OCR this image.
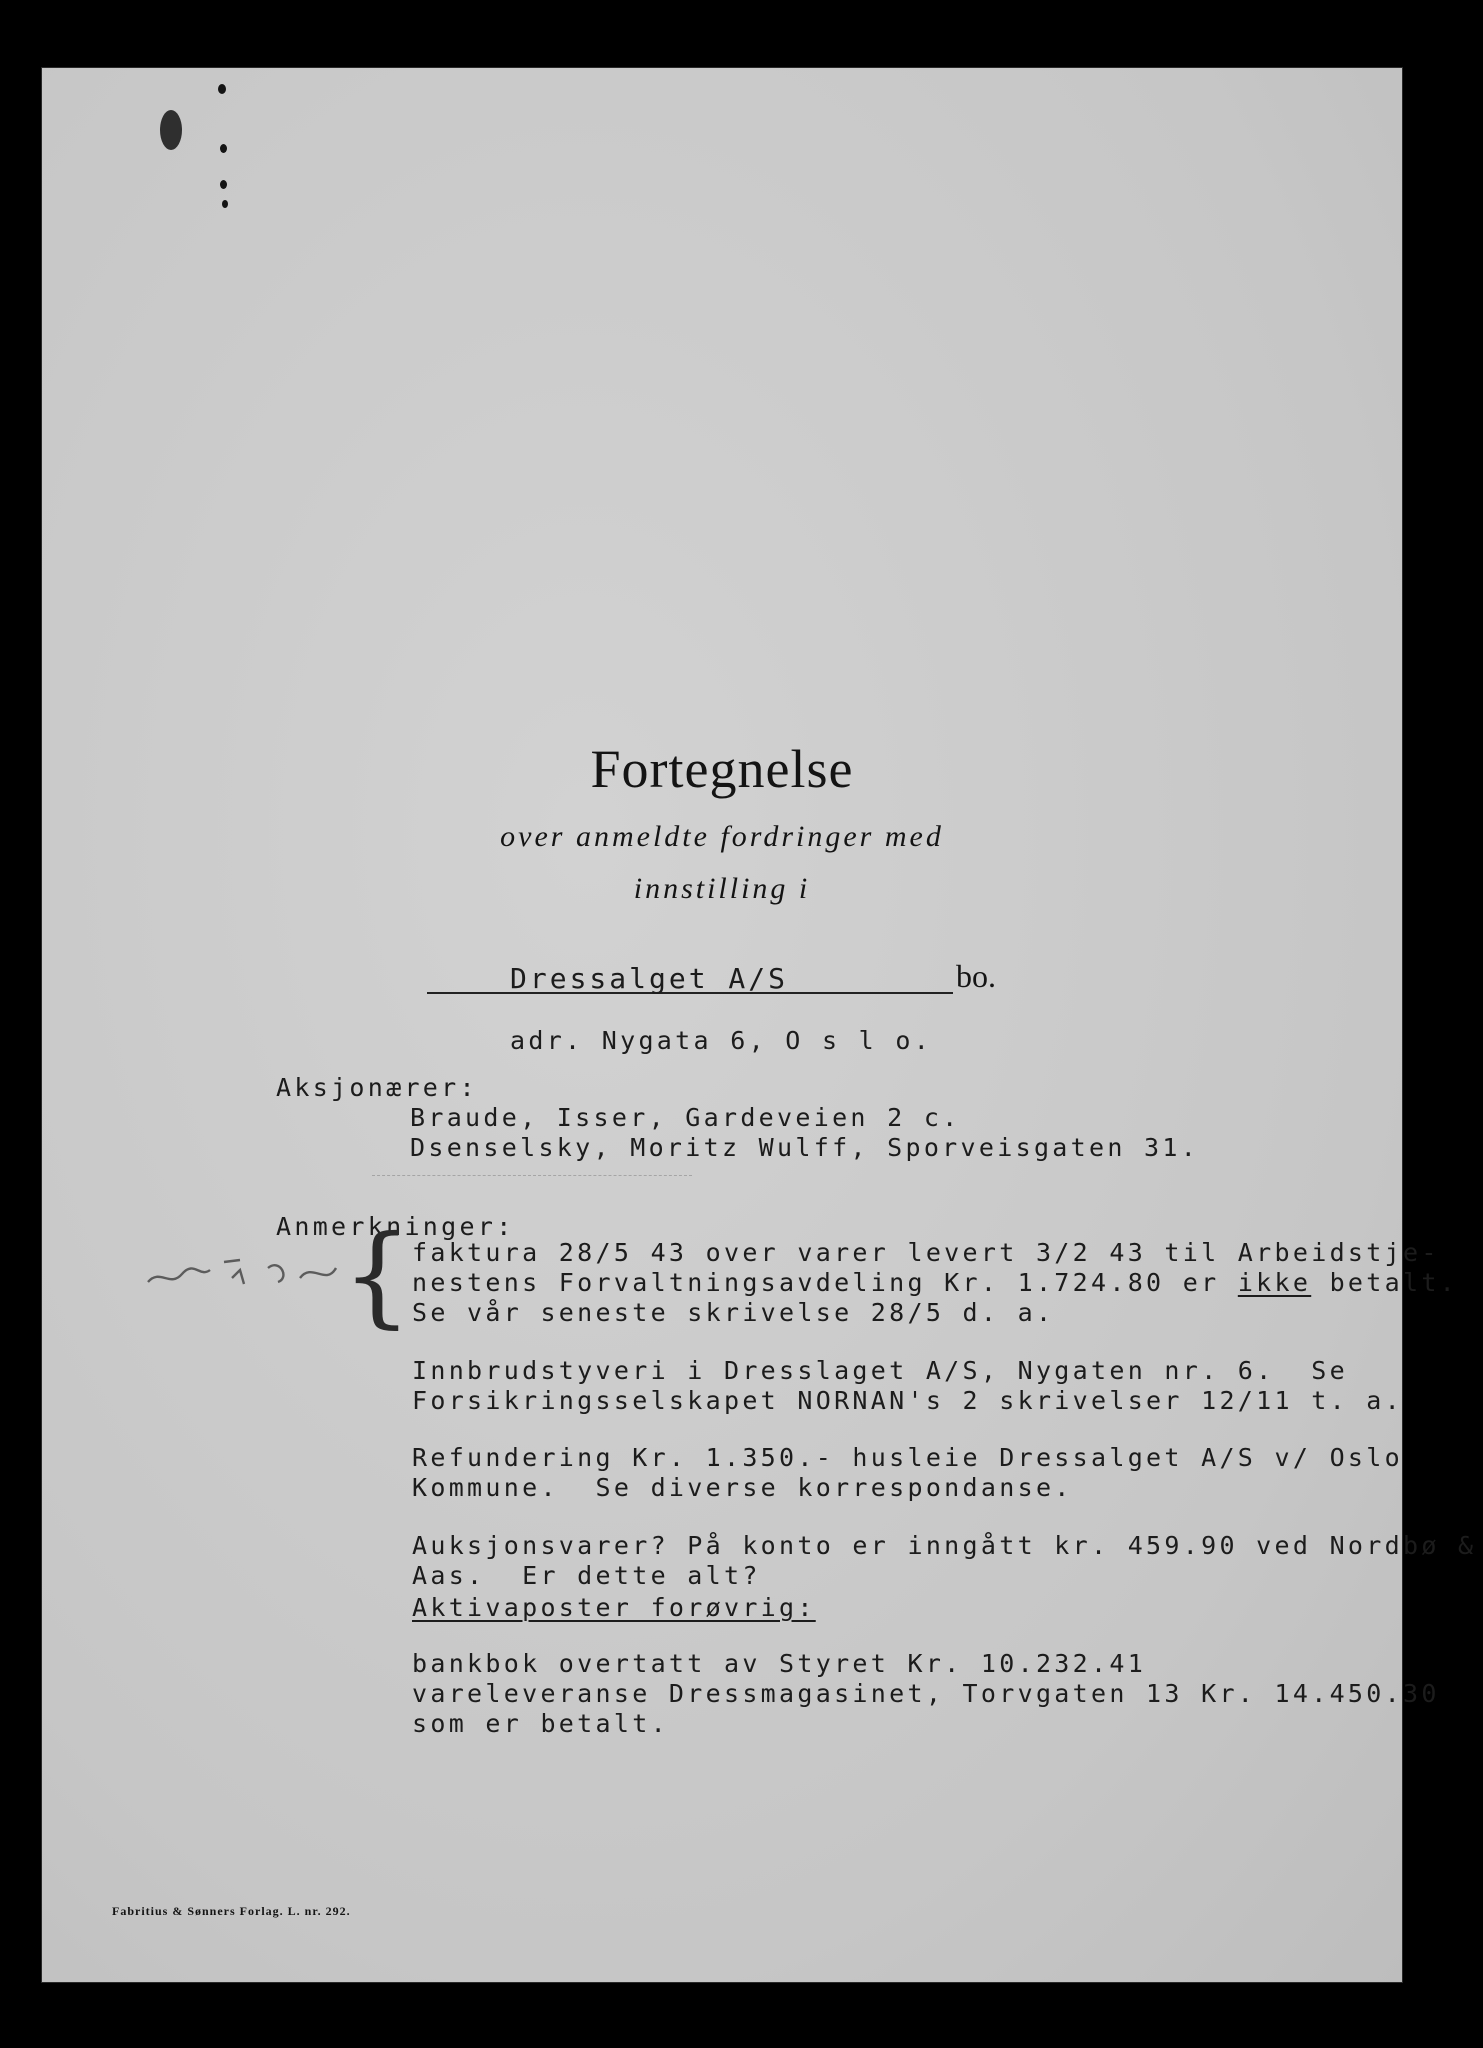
Fortegnelse
over anmeldte fordringer med
innstilling i
Dressalget A/S	bo.
adr. Nygata 6, O s l o.
Aksjonærer:
Braude, Isser, Gardeveien 2 c.
Dsenselsky, Moritz Wulff, Sporveisgaten 31.
Anmerkninger:
{ faktura 28/5 43 over varer levert 3/2 43 til Arbeidstje-
nestens Forvaltningsavdeling Kr. 1.724.80 er ikke betalt.
Se vår seneste skrivelse 28/5 d. a.
Innbrudstyveri i Dresslaget A/S, Nygaten nr. 6.  Se
Forsikringsselskapet NORNAN's 2 skrivelser 12/11 t. a.
Refundering Kr. 1.350.- husleie Dressalget A/S v/ Oslo
Kommune.  Se diverse korrespondanse.
Auksjonsvarer? På konto er inngått kr. 459.90 ved Nordbø &
Aas.  Er dette alt?
Aktivaposter forøvrig:
bankbok overtatt av Styret Kr. 10.232.41
vareleveranse Dressmagasinet, Torvgaten 13 Kr. 14.450.30
som er betalt.
Fabritius & Sønners Forlag. L. nr. 292.
